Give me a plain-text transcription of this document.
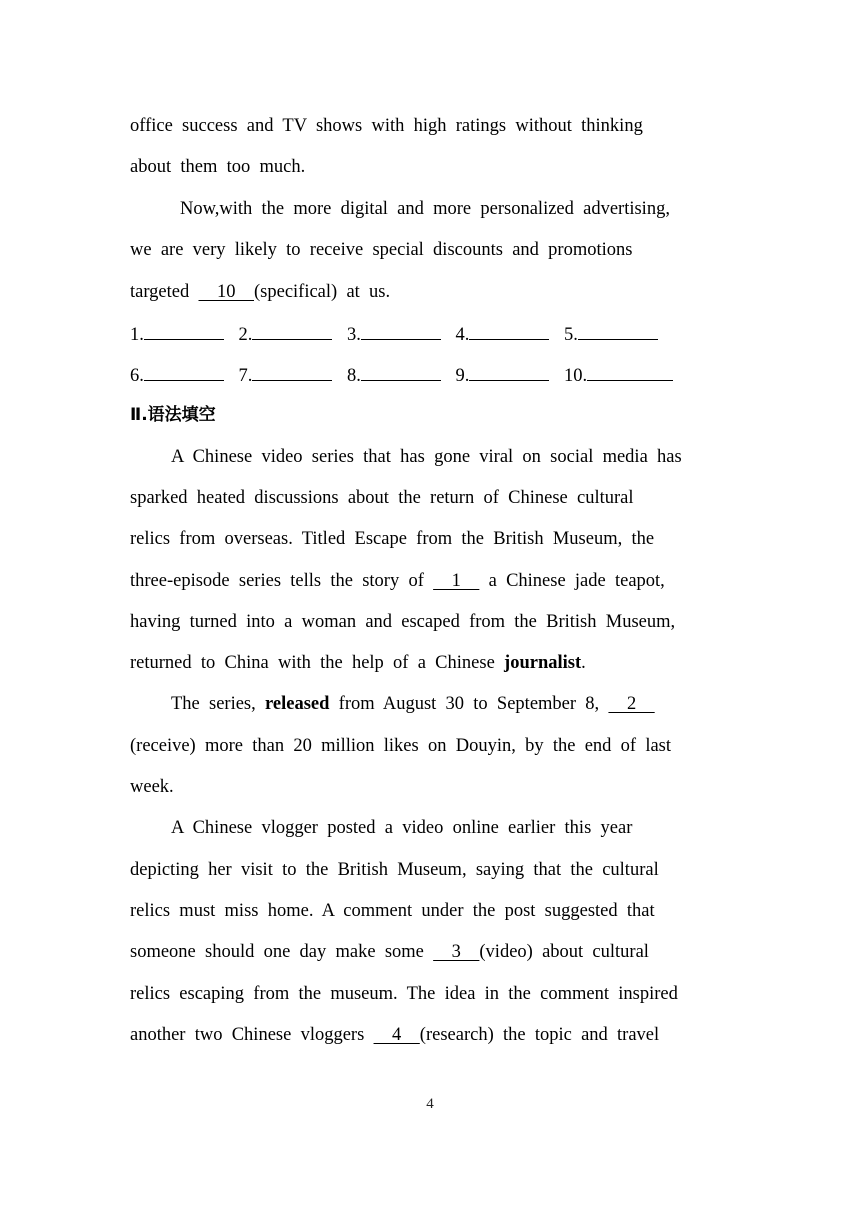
office  success  and  TV  shows  with  high  ratings  without  thinking
about  them  too  much.
Now,with  the  more  digital  and  more  personalized  advertising,
we  are  very  likely  to  receive  special  discounts  and  promotions
targeted      10    (specifical)  at  us.
1.	2.	3.	4.	5.
6.	7.	8.	9.	10.
Ⅱ.语法填空
A  Chinese  video  series  that  has  gone  viral  on  social  media  has
sparked  heated  discussions  about  the  return  of  Chinese  cultural
relics  from  overseas.  Titled  Escape  from  the  British  Museum,  the
three-episode  series  tells  the  story  of      1      a  Chinese  jade  teapot,
having  turned  into  a  woman  and  escaped  from  the  British  Museum,
returned  to  China  with  the  help  of  a  Chinese  journalist.
The  series,  released  from  August  30  to  September  8,      2
(receive)  more  than  20  million  likes  on  Douyin,  by  the  end  of  last
week.
A  Chinese  vlogger  posted  a  video  online  earlier  this  year
depicting  her  visit  to  the  British  Museum,  saying  that  the  cultural
relics  must  miss  home.  A  comment  under  the  post  suggested  that
someone  should  one  day  make  some      3    (video)  about  cultural
relics  escaping  from  the  museum.  The  idea  in  the  comment  inspired
another  two  Chinese  vloggers      4    (research)  the  topic  and  travel
4
